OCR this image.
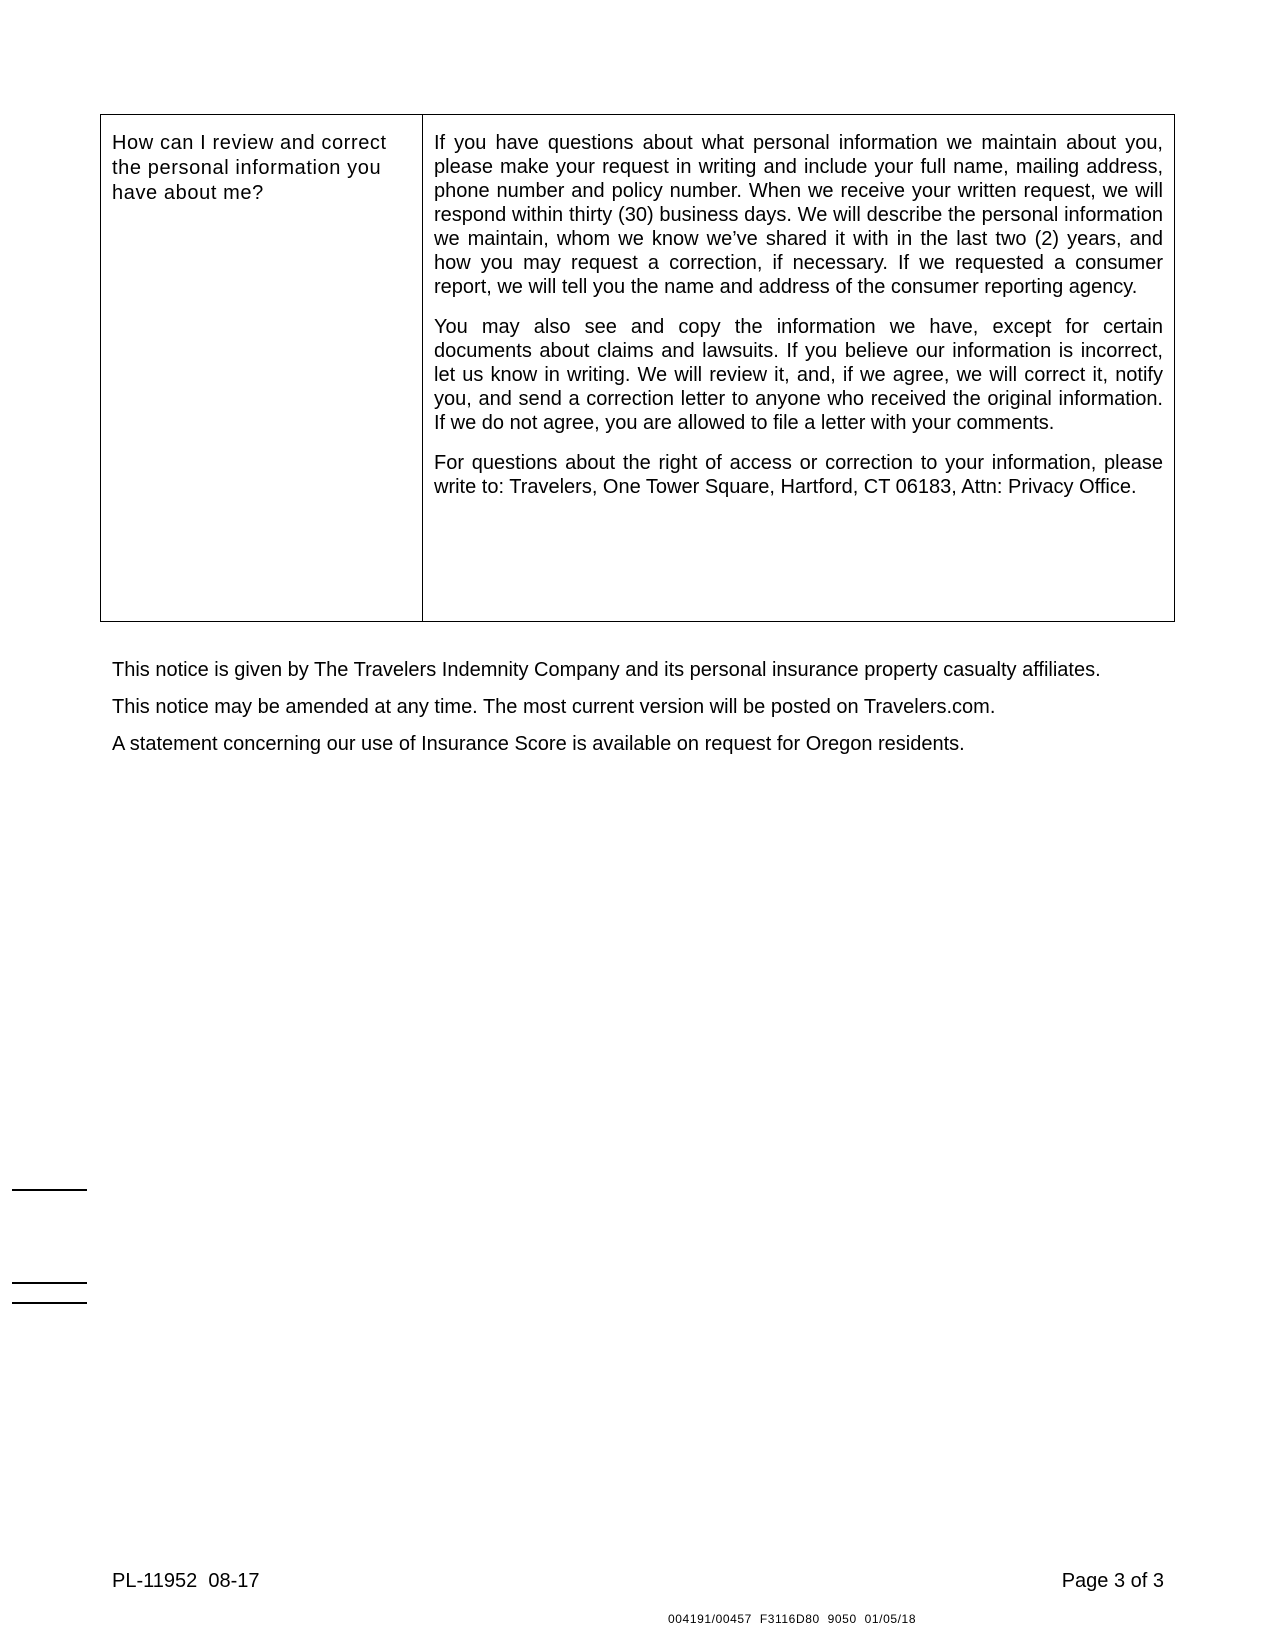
How can I review and correct the personal information you have about me?

If you have questions about what personal information we maintain about you, please make your request in writing and include your full name, mailing address, phone number and policy number. When we receive your written request, we will respond within thirty (30) business days. We will describe the personal information we maintain, whom we know we’ve shared it with in the last two (2) years, and how you may request a correction, if necessary. If we requested a consumer report, we will tell you the name and address of the consumer reporting agency.

You may also see and copy the information we have, except for certain documents about claims and lawsuits. If you believe our information is incorrect, let us know in writing. We will review it, and, if we agree, we will correct it, notify you, and send a correction letter to anyone who received the original information. If we do not agree, you are allowed to file a letter with your comments.

For questions about the right of access or correction to your information, please write to: Travelers, One Tower Square, Hartford, CT 06183, Attn: Privacy Office.

This notice is given by The Travelers Indemnity Company and its personal insurance property casualty affiliates.

This notice may be amended at any time. The most current version will be posted on Travelers.com.

A statement concerning our use of Insurance Score is available on request for Oregon residents.

PL-11952  08-17	Page 3 of 3
004191/00457  F3116D80  9050  01/05/18
